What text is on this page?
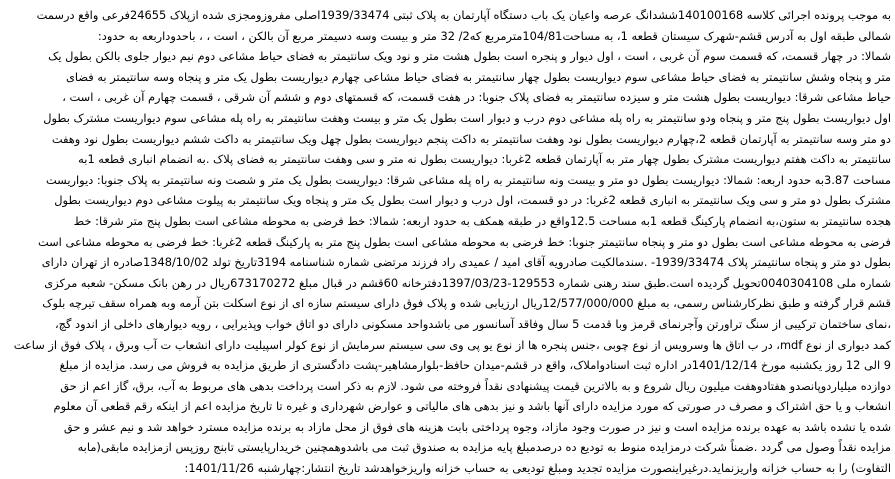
به موجب پرونده اجرائی کلاسه 140100168ششدانگ عرصه واعیان یک باب دستگاه آپارتمان به پلاک ثبتی 1939/33474اصلی مفروزومجزی شده ازپلاک 24655فرعی واقع درسمت
شمالی طبقه اول به آدرس قشم-شهرک سیستان قطعه 1، به مساحت104/81مترمربع که2/ 32 متر و بیست وسه دسیمتر مربع آن بالکن ، است ، ، باحدوداربعه به حدود:
شمالا: در چهار قسمت، که قسمت سوم آن غربی ، است ، اول دیوار و پنجره است بطول هشت متر و نود ویک سانتیمتر به فضای حیاط مشاعی دوم نیم دیوار جلوی بالکن بطول یک
متر و پنجاه وشش سانتیمتر به فضای حیاط مشاعی سوم دیواریست بطول چهار سانتیمتر به فضای حیاط مشاعی چهارم دیواریست بطول یک متر و پنجاه وسه سانتیمتر به فضای
حیاط مشاعی شرقا: دیواریست بطول هشت متر و سیزده سانتیمتر به فضای پلاک جنوبا: در هفت قسمت، که قسمتهای دوم و ششم آن شرقی ، قسمت چهارم آن غربی ، است ،
اول دیواریست بطول پنج متر و پنجاه ودو سانتیمتر به راه پله مشاعی دوم درب و دیوار است بطول یک متر و بیست وهفت سانتیمتر به راه پله مشاعی سوم دیواریست مشترک بطول
دو متر وسه سانتیمتر به آپارتمان قطعه 2،چهارم دیواریست بطول نود وهفت سانتیمتر به داکت پنجم دیواریست بطول چهل ویک سانتیمتر به داکت ششم دیواریست بطول نود وهفت
سانتیمتر به داکت هفتم دیواریست مشترک بطول چهار متر به آپارتمان قطعه 2غربا: دیواریست بطول نه متر و سی وهفت سانتیمتر به فضای پلاک .به انضمام انباری قطعه 1به
مساحت 3.87به حدود اربعه: شمالا: دیواریست بطول دو متر و بیست ونه سانتیمتر به راه پله مشاعی شرقا: دیواریست بطول یک متر و شصت ونه سانتیمتر به پلاک جنوبا: دیواریست
مشترک بطول دو متر و سی ویک سانتیمتر به انباری قطعه 2غربا: در دو قسمت، اول درب و دیوار است بطول یک متر و پنجاه ویک سانتیمتر به پیلوت مشاعی دوم دیواریست بطول
هجده سانتیمتر به ستون،به انضمام پارکینگ قطعه 1به مساحت 12.5واقع در طبقه همکف به حدود اربعه: شمالا: خط فرضی به محوطه مشاعی است بطول پنج متر شرقا: خط
فرضی به محوطه مشاعی است بطول دو متر و پنجاه سانتیمتر جنوبا: خط فرضی به محوطه مشاعی است بطول پنج متر به پارکینگ قطعه 2غربا: خط فرضی به محوطه مشاعی است
بطول دو متر و پنجاه سانتیمتر پلاک 1939/33474- .سندمالکیت صادرویه آقای امید / عمیدی راد فرزند مرتضی شماره شناسنامه 3194تاریخ تولد 1348/10/02صادره از تهران دارای
شماره ملی 0040304108تحویل گردیده است.طبق سند رهنی شماره 129553-1397/03/23دفترخانه 60قشم در قبال مبلغ 673170272ریال در رهن بانک مسکن- شعبه مرکزی
قشم قرار گرفته و طبق نظرکارشناس رسمی، به مبلغ 12/577/000/000ریال ارزیابی شده و پلاک فوق دارای سیستم سازه ای از نوع اسکلت بتن آرمه وبه همراه سقف تیرچه بلوک
،نمای ساختمان ترکیبی از سنگ تراورتن وآجرنمای قرمز وبا قدمت 5 سال وفاقد آسانسور می باشدواحد مسکونی دارای دو اتاق خواب وپذیرایی ، رویه دیوارهای داخلی از اندود گچ،
کمد دیواری از نوع mdf، در ب اتاق ها وسرویس از نوع چوبی ،جنس پنجره ها از نوع یو پی وی سی سیستم سرمایش از نوع کولر اسپیلیت دارای انشعاب ت آب وبرق ، پلاک فوق از ساعت
9 الی 12 روز یکشنبه مورخ 1401/12/14در اداره ثبت اسنادواملاک، واقع در قشم-میدان حافظ-بلوارمشاهیر-پشت دادگستری از طریق مزایده به فروش می رسد. مزایده از مبلغ
دوازده میلیاردوپانصدو هفتادوهفت میلیون ریال شروع و به بالاترین قیمت پیشنهادی نقداً فروخته می شود. لازم به ذکر است پرداخت بدهی های مربوط به آب، برق، گاز اعم از حق
انشعاب و یا حق اشتراک و مصرف در صورتی که مورد مزایده دارای آنها باشد و نیز بدهی های مالیاتی و عوارض شهرداری و غیره تا تاریخ مزایده اعم از اینکه رقم قطعی آن معلوم
شده یا نشده باشد به عهده برنده مزایده است و نیز در صورت وجود مازاد، وجوه پرداختی بابت هزینه های فوق از محل مازاد به برنده مزایده مسترد خواهد شد و نیم عشر و حق
مزایده نقداً وصول می گردد .ضمناً شرکت درمزایده منوط به تودیع ده درصدمبلغ پایه مزایده به صندوق ثبت می باشدوهمچنین خریدارپایستی تابنج روزپس ازمزایده مابقی(مابه
التفاوت) را به حساب خزانه واریزنماید.درغیراینصورت مزایده تجدید ومبلغ تودیعی به حساب خزانه واریزخواهدشد تاریخ انتشار:چهارشنبه 1401/11/26:
